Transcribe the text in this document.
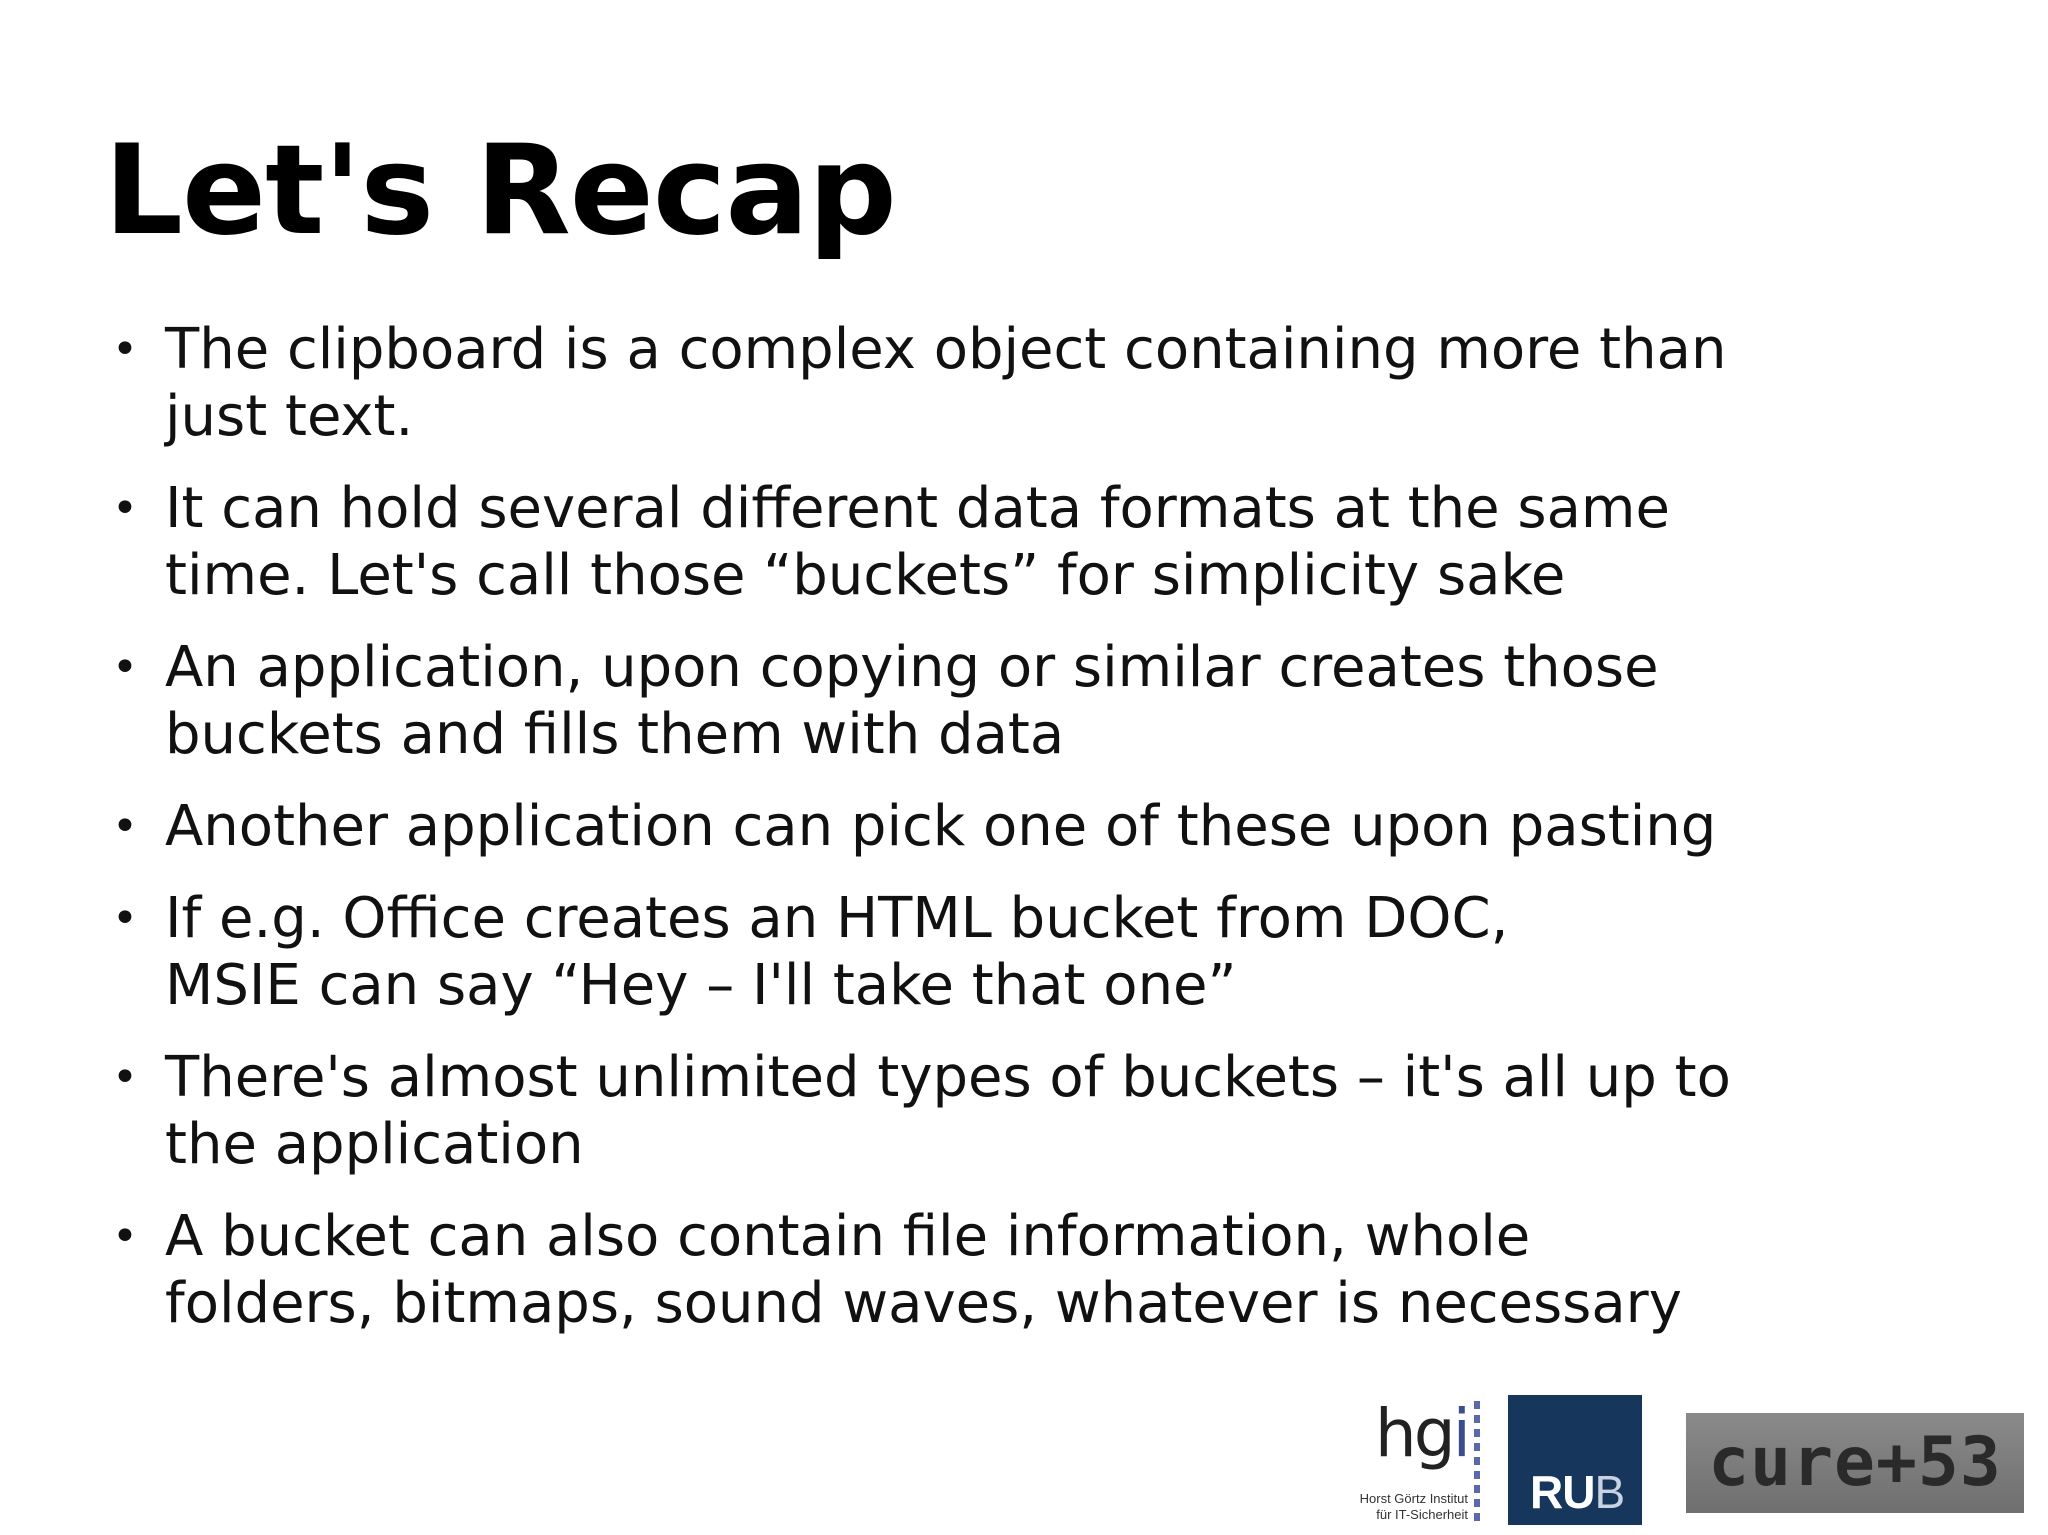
Let's Recap
• The clipboard is a complex object containing more than
just text.
• It can hold several different data formats at the same
time. Let's call those “buckets” for simplicity sake
• An application, upon copying or similar creates those
buckets and fills them with data
• Another application can pick one of these upon pasting
• If e.g. Office creates an HTML bucket from DOC,
MSIE can say “Hey – I'll take that one”
• There's almost unlimited types of buckets – it's all up to
the application
• A bucket can also contain file information, whole
folders, bitmaps, sound waves, whatever is necessary
hgi
Horst Görtz Institut
für IT-Sicherheit RUB	cure+53
